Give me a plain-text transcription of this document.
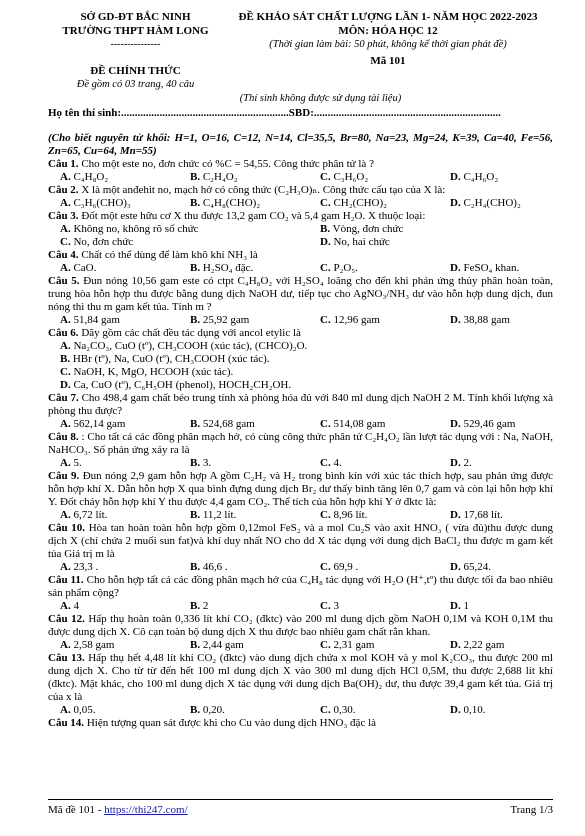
SỞ GD-ĐT BẮC NINH
TRƯỜNG THPT HÀM LONG
---------------
ĐỀ CHÍNH THỨC
Đề gồm có 03 trang, 40 câu
ĐỀ KHẢO SÁT CHẤT LƯỢNG LẦN 1- NĂM HỌC 2022-2023
MÔN: HÓA HỌC 12
(Thời gian làm bài: 50 phút, không kể thời gian phát đề)
Mã 101
(Thí sinh không được sử dụng tài liệu)
Họ tên thí sinh:.............................................................SBD:....................................................................
(Cho biết nguyên tử khối: H=1, O=16, C=12, N=14, Cl=35,5, Br=80, Na=23, Mg=24, K=39, Ca=40, Fe=56, Zn=65, Cu=64, Mn=55)
Câu 1. Cho một este no, đơn chức có %C = 54,55. Công thức phân tử là ?
A. C₄H₈O₂	B. C₂H₄O₂	C. C₃H₆O₂	D. C₄H₆O₂
Câu 2. X là một anđehit no, mạch hở có công thức (C₂H₃O)ₙ. Công thức cấu tạo của X là:
A. C₃H₆(CHO)₃	B. C₄H₈(CHO)₂	C. CH₂(CHO)₂	D. C₂H₄(CHO)₂
Câu 3. Đốt một este hữu cơ X thu được 13,2 gam CO₂ và 5,4 gam H₂O. X thuộc loại:
A. Không no, không rõ số chức	B. Vòng, đơn chức
C. No, đơn chức	D. No, hai chức
Câu 4. Chất có thể dùng để làm khô khí NH₃ là
A. CaO.	B. H₂SO₄ đặc.	C. P₂O₅.	D. FeSO₄ khan.
Câu 5. Đun nóng 10,56 gam este có ctpt C₄H₈O₂ với H₂SO₄ loãng cho đến khi phản ứng thủy phân hoàn toàn, trung hòa hỗn hợp thu được bằng dung dịch NaOH dư, tiếp tục cho AgNO₃/NH₃ dư vào hỗn hợp dung dịch, đun nóng thì thu m gam kết tủa. Tính m ?
A. 51,84 gam	B. 25,92 gam	C. 12,96 gam	D. 38,88 gam
Câu 6. Dãy gồm các chất đều tác dụng với ancol etylic là
A. Na₂CO₃, CuO (tº), CH₃COOH (xúc tác), (CHCO)₂O.
B. HBr (tº), Na, CuO (tº), CH₃COOH (xúc tác).
C. NaOH, K, MgO, HCOOH (xúc tác).
D. Ca, CuO (tº), C₆H₅OH (phenol), HOCH₂CH₂OH.
Câu 7. Cho 498,4 gam chất béo trung tính xà phòng hóa đủ với 840 ml dung dịch NaOH 2 M. Tính khối lượng xà phòng thu được?
A. 562,14 gam	B. 524,68 gam	C. 514,08 gam	D. 529,46 gam
Câu 8. : Cho tất cả các đồng phân mạch hở, có cùng công thức phân tử C₂H₄O₂ lần lượt tác dụng với : Na, NaOH, NaHCO₃. Số phản ứng xảy ra là
A. 5.	B. 3.	C. 4.	D. 2.
Câu 9. Đun nóng 2,9 gam hỗn hợp A gồm C₂H₂ và H₂ trong bình kín với xúc tác thích hợp, sau phản ứng được hỗn hợp khí X. Dẫn hỗn hợp X qua bình đựng dung dịch Br₂ dư thấy bình tăng lên 0,7 gam và còn lại hỗn hợp khí Y. Đốt cháy hỗn hợp khí Y thu được 4,4 gam CO₂. Thể tích của hỗn hợp khí Y ở đktc là:
A. 6,72 lít.	B. 11,2 lít.	C. 8,96 lít.	D. 17,68 lít.
Câu 10. Hòa tan hoàn toàn hỗn hợp gồm 0,12mol FeS₂ và a mol Cu₂S vào axit HNO₃ ( vừa đủ)thu được dung dịch X (chỉ chứa 2 muối sun fat)và khí duy nhất NO cho dd X tác dụng với dung dịch BaCl₂ thu được m gam kết tủa Giá trị m là
A. 23,3 .	B. 46,6 .	C. 69,9 .	D. 65,24.
Câu 11. Cho hỗn hợp tất cả các đồng phân mạch hở của C₄H₈ tác dụng với H₂O (H⁺,tº) thu được tối đa bao nhiêu sản phẩm cộng?
A. 4	B. 2	C. 3	D. 1
Câu 12. Hấp thụ hoàn toàn 0,336 lít khí CO₂ (đktc) vào 200 ml dung dịch gồm NaOH 0,1M và KOH 0,1M thu được dung dịch X. Cô cạn toàn bộ dung dịch X thu được bao nhiêu gam chất rắn khan.
A. 2,58 gam	B. 2,44 gam	C. 2,31 gam	D. 2,22 gam
Câu 13. Hấp thụ hết 4,48 lít khí CO₂ (đktc) vào dung dịch chứa x mol KOH và y mol K₂CO₃, thu được 200 ml dung dịch X. Cho từ từ đến hết 100 ml dung dịch X vào 300 ml dung dịch HCl 0,5M, thu được 2,688 lít khí (đktc). Mặt khác, cho 100 ml dung dịch X tác dụng với dung dịch Ba(OH)₂ dư, thu được 39,4 gam kết tủa. Giá trị của x là
A. 0,05.	B. 0,20.	C. 0,30.	D. 0,10.
Câu 14. Hiện tượng quan sát được khi cho Cu vào dung dịch HNO₃ đặc là
Mã đề 101 - https://thi247.com/	Trang 1/3
